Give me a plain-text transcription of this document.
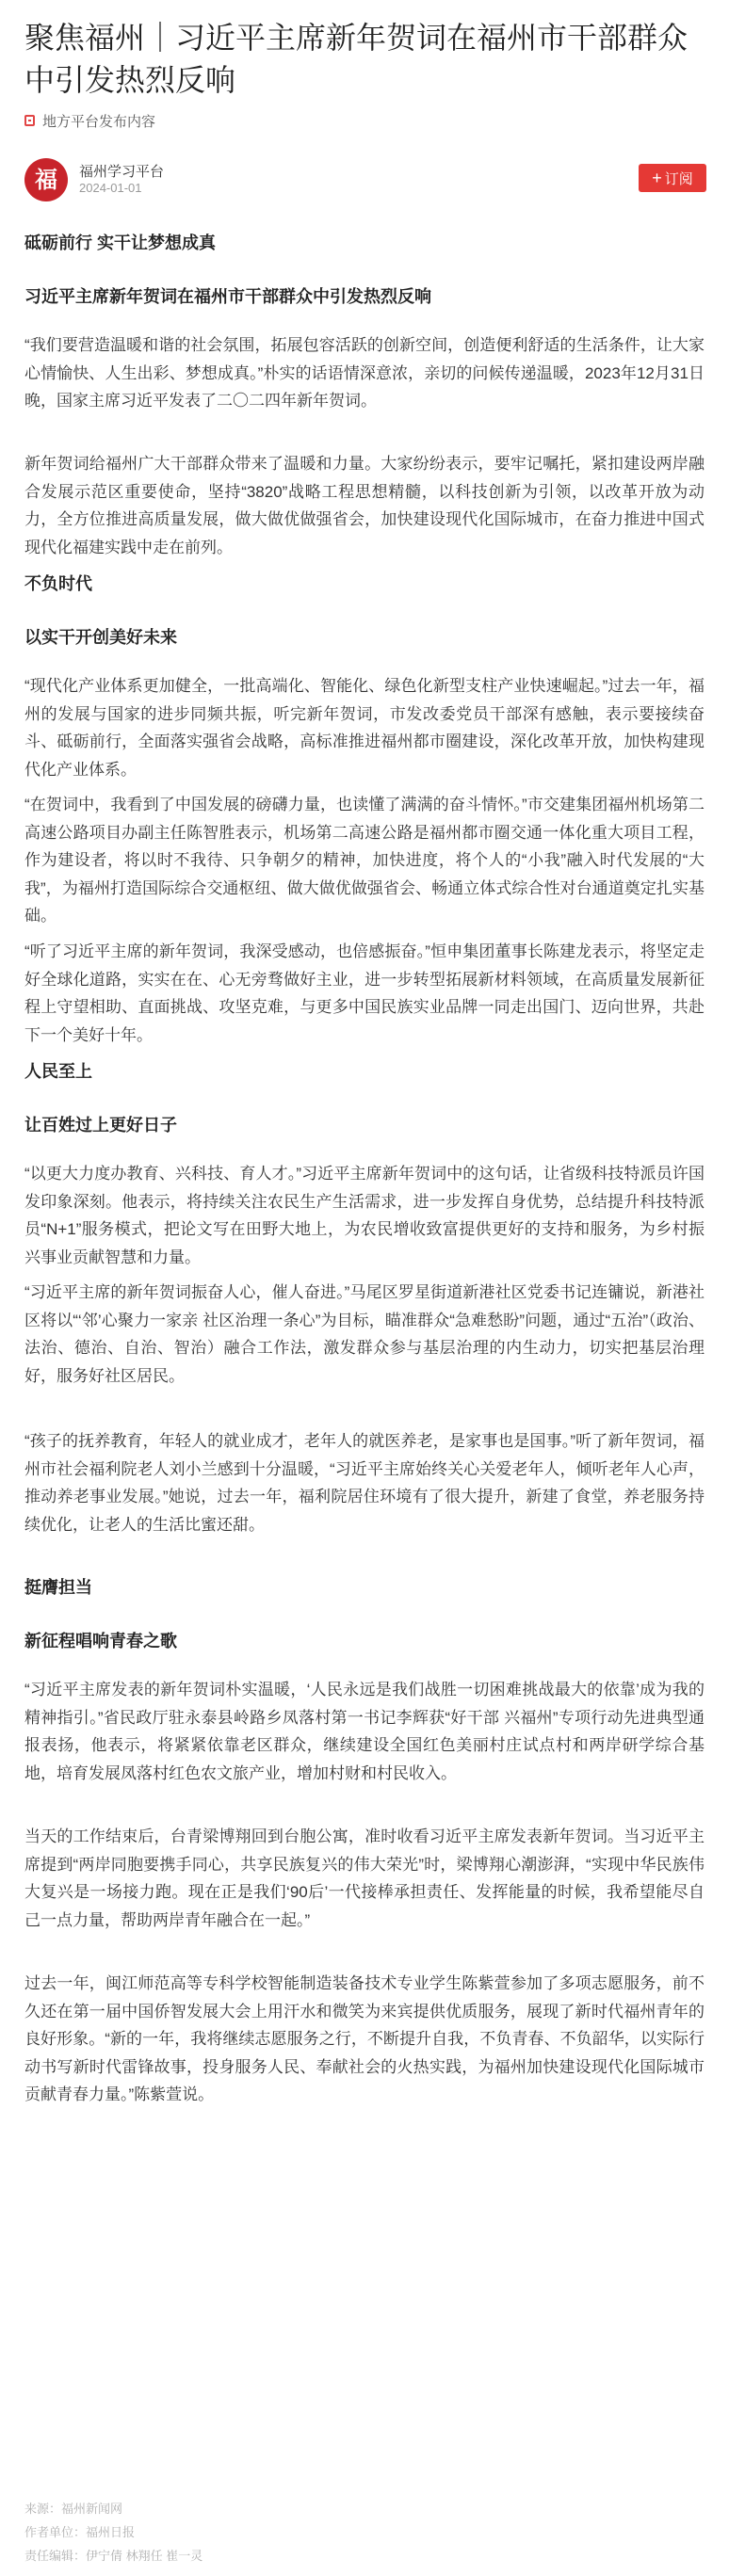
聚焦福州｜习近平主席新年贺词在福州市干部群众中引发热烈反响
地方平台发布内容
福	福州学习平台
2024-01-01
+ 订阅

砥砺前行 实干让梦想成真

习近平主席新年贺词在福州市干部群众中引发热烈反响

“我们要营造温暖和谐的社会氛围，拓展包容活跃的创新空间，创造便利舒适的生活条件，让大家心情愉快、人生出彩、梦想成真。”朴实的话语情深意浓，亲切的问候传递温暖，2023年12月31日晚，国家主席习近平发表了二〇二四年新年贺词。

新年贺词给福州广大干部群众带来了温暖和力量。大家纷纷表示，要牢记嘱托，紧扣建设两岸融合发展示范区重要使命，坚持“3820”战略工程思想精髓，以科技创新为引领，以改革开放为动力，全方位推进高质量发展，做大做优做强省会，加快建设现代化国际城市，在奋力推进中国式现代化福建实践中走在前列。

不负时代

以实干开创美好未来

“现代化产业体系更加健全，一批高端化、智能化、绿色化新型支柱产业快速崛起。”过去一年，福州的发展与国家的进步同频共振，听完新年贺词，市发改委党员干部深有感触，表示要接续奋斗、砥砺前行，全面落实强省会战略，高标准推进福州都市圈建设，深化改革开放，加快构建现代化产业体系。

“在贺词中，我看到了中国发展的磅礴力量，也读懂了满满的奋斗情怀。”市交建集团福州机场第二高速公路项目办副主任陈智胜表示，机场第二高速公路是福州都市圈交通一体化重大项目工程，作为建设者，将以时不我待、只争朝夕的精神，加快进度，将个人的“小我”融入时代发展的“大我”，为福州打造国际综合交通枢纽、做大做优做强省会、畅通立体式综合性对台通道奠定扎实基础。

“听了习近平主席的新年贺词，我深受感动，也倍感振奋。”恒申集团董事长陈建龙表示，将坚定走好全球化道路，实实在在、心无旁骛做好主业，进一步转型拓展新材料领域，在高质量发展新征程上守望相助、直面挑战、攻坚克难，与更多中国民族实业品牌一同走出国门、迈向世界，共赴下一个美好十年。

人民至上

让百姓过上更好日子

“以更大力度办教育、兴科技、育人才。”习近平主席新年贺词中的这句话，让省级科技特派员许国发印象深刻。他表示，将持续关注农民生产生活需求，进一步发挥自身优势，总结提升科技特派员“N+1”服务模式，把论文写在田野大地上，为农民增收致富提供更好的支持和服务，为乡村振兴事业贡献智慧和力量。

“习近平主席的新年贺词振奋人心，催人奋进。”马尾区罗星街道新港社区党委书记连镛说，新港社区将以“‘邻’心聚力一家亲 社区治理一条心”为目标，瞄准群众“急难愁盼”问题，通过“五治”（政治、法治、德治、自治、智治）融合工作法，激发群众参与基层治理的内生动力，切实把基层治理好，服务好社区居民。

“孩子的抚养教育，年轻人的就业成才，老年人的就医养老，是家事也是国事。”听了新年贺词，福州市社会福利院老人刘小兰感到十分温暖，“习近平主席始终关心关爱老年人，倾听老年人心声，推动养老事业发展。”她说，过去一年，福利院居住环境有了很大提升，新建了食堂，养老服务持续优化，让老人的生活比蜜还甜。

挺膺担当

新征程唱响青春之歌

“习近平主席发表的新年贺词朴实温暖，‘人民永远是我们战胜一切困难挑战最大的依靠’成为我的精神指引。”省民政厅驻永泰县岭路乡凤落村第一书记李辉获“好干部 兴福州”专项行动先进典型通报表扬，他表示，将紧紧依靠老区群众，继续建设全国红色美丽村庄试点村和两岸研学综合基地，培育发展凤落村红色农文旅产业，增加村财和村民收入。

当天的工作结束后，台青梁博翔回到台胞公寓，准时收看习近平主席发表新年贺词。当习近平主席提到“两岸同胞要携手同心，共享民族复兴的伟大荣光”时，梁博翔心潮澎湃，“实现中华民族伟大复兴是一场接力跑。现在正是我们‘90后’一代接棒承担责任、发挥能量的时候，我希望能尽自己一点力量，帮助两岸青年融合在一起。”

过去一年，闽江师范高等专科学校智能制造装备技术专业学生陈紫萱参加了多项志愿服务，前不久还在第一届中国侨智发展大会上用汗水和微笑为来宾提供优质服务，展现了新时代福州青年的良好形象。“新的一年，我将继续志愿服务之行，不断提升自我，不负青春、不负韶华，以实际行动书写新时代雷锋故事，投身服务人民、奉献社会的火热实践，为福州加快建设现代化国际城市贡献青春力量。”陈紫萱说。

来源：福州新闻网
作者单位：福州日报
责任编辑：伊宁倩 林翔任 崔一灵
